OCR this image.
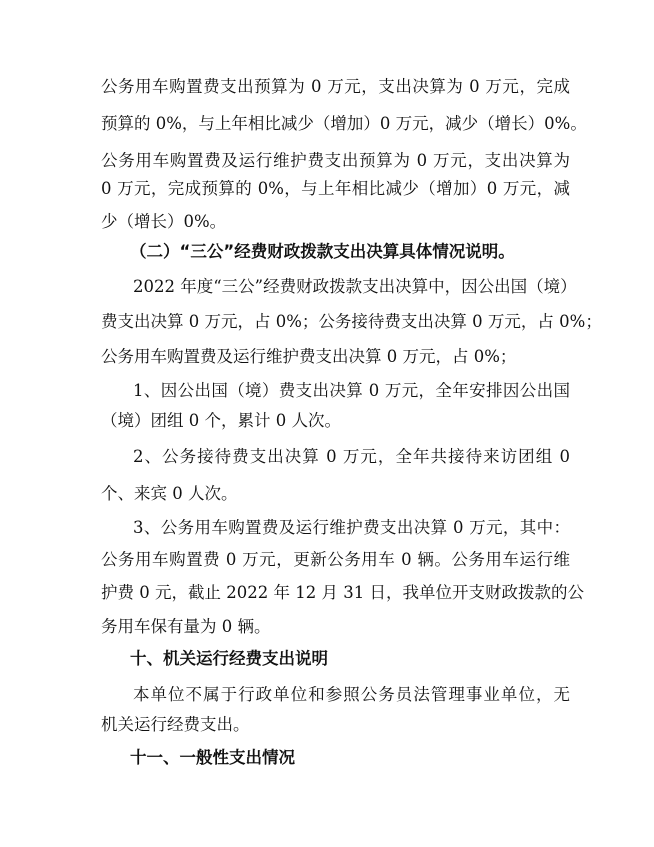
公务用车购置费支出预算为 0 万元，支出决算为 0 万元，完成
预算的 0%，与上年相比减少（增加）0 万元，减少（增长）0%。
公务用车购置费及运行维护费支出预算为 0 万元，支出决算为
0 万元，完成预算的 0%，与上年相比减少（增加）0 万元，减
少（增长）0%。
（二）“三公”经费财政拨款支出决算具体情况说明。
2022 年度“三公”经费财政拨款支出决算中，因公出国（境）
费支出决算 0 万元，占 0%；公务接待费支出决算 0 万元，占 0%；
公务用车购置费及运行维护费支出决算 0 万元，占 0%；
1、因公出国（境）费支出决算 0 万元，全年安排因公出国
（境）团组 0 个，累计 0 人次。
2、公务接待费支出决算 0 万元，全年共接待来访团组 0
个、来宾 0 人次。
3、公务用车购置费及运行维护费支出决算 0 万元，其中：
公务用车购置费 0 万元，更新公务用车 0 辆。公务用车运行维
护费 0 元，截止 2022 年 12 月 31 日，我单位开支财政拨款的公
务用车保有量为 0 辆。
十、机关运行经费支出说明
本单位不属于行政单位和参照公务员法管理事业单位，无
机关运行经费支出。
十一、一般性支出情况
